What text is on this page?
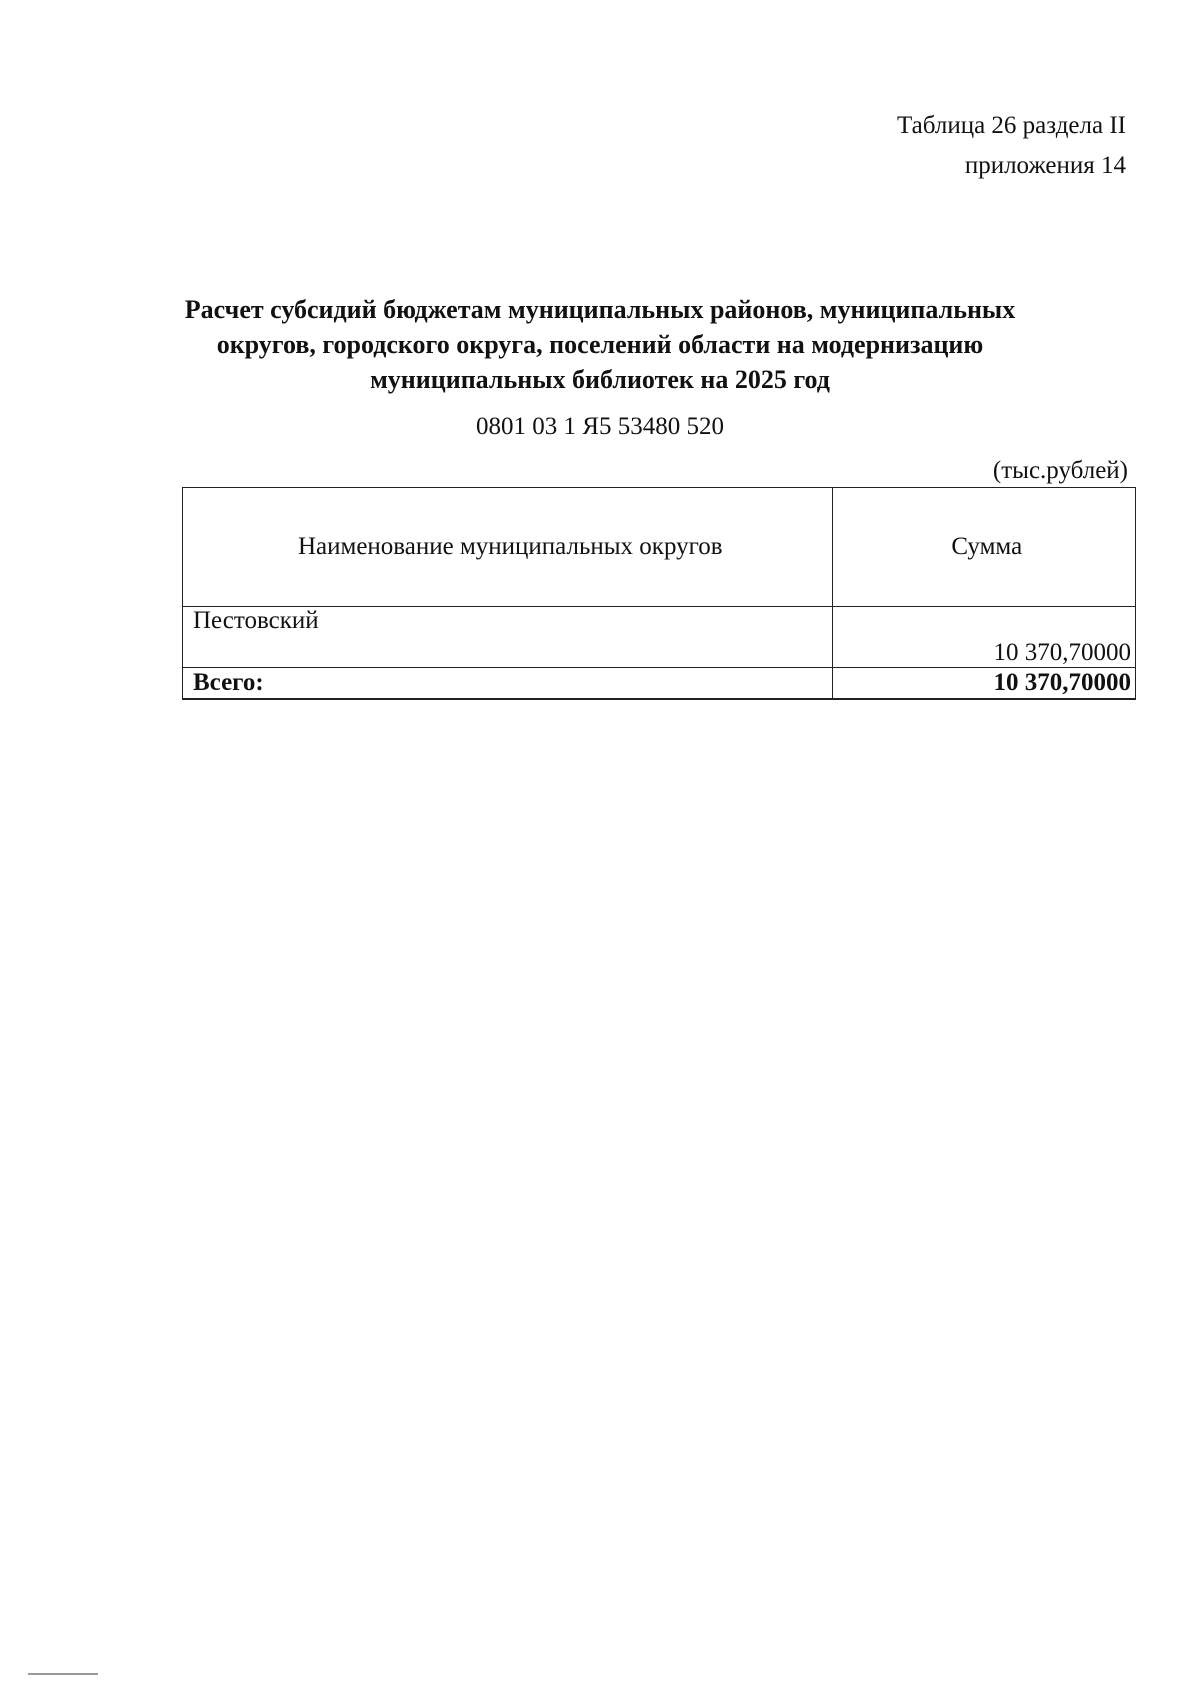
Таблица 26 раздела II
приложения 14
Расчет субсидий бюджетам муниципальных районов, муниципальных
округов, городского округа, поселений области на модернизацию
муниципальных библиотек на 2025 год
0801 03 1 Я5 53480 520
(тыс.рублей)
Наименование муниципальных округов	Сумма
Пестовский	10 370,70000
Всего:	10 370,70000
